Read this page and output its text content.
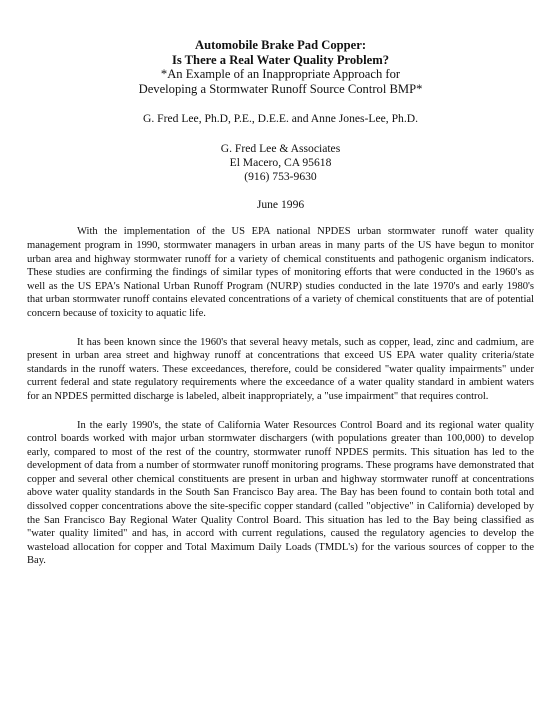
Automobile Brake Pad Copper:
Is There a Real Water Quality Problem?
*An Example of an Inappropriate Approach for
Developing a Stormwater Runoff Source Control BMP*
G. Fred Lee, Ph.D, P.E., D.E.E. and Anne Jones-Lee, Ph.D.
G. Fred Lee & Associates
El Macero, CA 95618
(916) 753-9630
June 1996

With the implementation of the US EPA national NPDES urban stormwater runoff water quality management program in 1990, stormwater managers in urban areas in many parts of the US have begun to monitor urban area and highway stormwater runoff for a variety of chemical constituents and pathogenic organism indicators. These studies are confirming the findings of similar types of monitoring efforts that were conducted in the 1960's as well as the US EPA's National Urban Runoff Program (NURP) studies conducted in the late 1970's and early 1980's that urban stormwater runoff contains elevated concentrations of a variety of chemical constituents that are of potential concern because of toxicity to aquatic life.

It has been known since the 1960's that several heavy metals, such as copper, lead, zinc and cadmium, are present in urban area street and highway runoff at concentrations that exceed US EPA water quality criteria/state standards in the runoff waters. These exceedances, therefore, could be considered "water quality impairments" under current federal and state regulatory requirements where the exceedance of a water quality standard in ambient waters for an NPDES permitted discharge is labeled, albeit inappropriately, a "use impairment" that requires control.

In the early 1990's, the state of California Water Resources Control Board and its regional water quality control boards worked with major urban stormwater dischargers (with populations greater than 100,000) to develop early, compared to most of the rest of the country, stormwater runoff NPDES permits. This situation has led to the development of data from a number of stormwater runoff monitoring programs. These programs have demonstrated that copper and several other chemical constituents are present in urban and highway stormwater runoff at concentrations above water quality standards in the South San Francisco Bay area. The Bay has been found to contain both total and dissolved copper concentrations above the site-specific copper standard (called "objective" in California) developed by the San Francisco Bay Regional Water Quality Control Board. This situation has led to the Bay being classified as "water quality limited" and has, in accord with current regulations, caused the regulatory agencies to develop the wasteload allocation for copper and Total Maximum Daily Loads (TMDL's) for the various sources of copper to the Bay.
